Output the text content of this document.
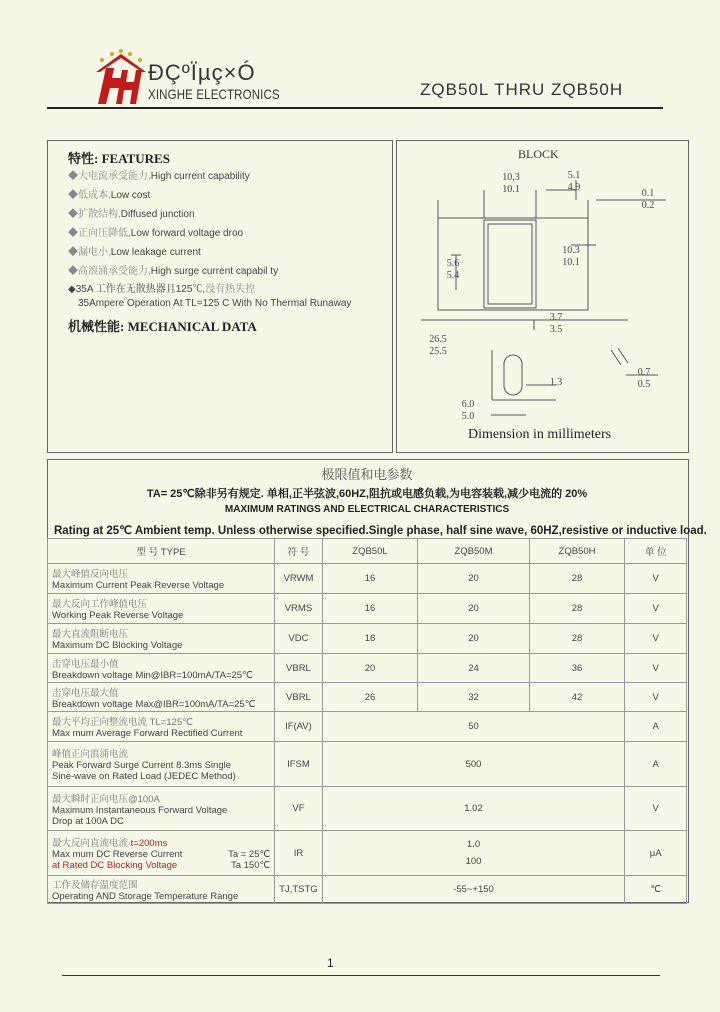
ĐÇºÏµç×Ó
XINGHE ELECTRONICS	ZQB50L THRU ZQB50H
特性: FEATURES
◆大电流承受能力,High current capability
◆低成本,Low cost
◆扩散结构,Diffused junction
◆正向压降低,Low forward voltage droo
◆漏电小,Low leakage current
◆高浪涌承受能力,High surge current capabil ty
◆35A 工作在无散热器且125℃,没有热失控
35Ampere Operation At TL=125 C With No Thermal Runaway
机械性能: MECHANICAL DATA
BLOCK
10.3
10.1
5.1
4.9
0.1
0.2
5.6
5.4
10.3
10.1
3.7
3.5
26.5
25.5
0.7
0.5
1.3
6.0
5.0
Dimension in millimeters
极限值和电参数
TA= 25℃除非另有规定. 单相,正半弦波,60HZ,阻抗或电感负载,为电容装载,减少电流的 20%
MAXIMUM RATINGS AND ELECTRICAL CHARACTERISTICS
Rating at 25℃ Ambient temp. Unless otherwise specified.Single phase, half sine wave, 60HZ,resistive or inductive load.
型 号 TYPE	符 号	ZQB50L	ZQB50M	ZQB50H	单 位

最大峰值反向电压
Maximum Current Peak Reverse Voltage	VRWM	16	20	28	V

最大反向工作峰值电压
Working Peak Reverse Voltage	VRMS	16	20	28	V

最大直流阻断电压
Maximum DC Blocking Voltage	VDC	16	20	28	V

击穿电压最小值
Breakdown voltage Min@IBR=100mA/TA=25℃	VBRL	20	24	36	V

击穿电压最大值
Breakdown voltage Max@IBR=100mA/TA=25℃	VBRL	26	32	42	V

最大平均正向整流电流 TL=125℃
Max mum Average Forward Rectified Current	IF(AV)	50			A

峰值正向浪涌电流
Peak Forward Surge Current 8.3ms Single
Sine-wave on Rated Load (JEDEC Method)	IFSM	500			A

最大瞬时正向电压@100A
Maximum Instantaneous Forward Voltage
Drop at 100A DC	VF	1.02			V

最大反向直流电流 t=200ms
Max mum DC Reverse Current Ta = 25℃
at Rated DC Blocking Voltage Ta 150℃	IR	1.0
100			μA

工作及储存温度范围
Operating AND Storage Temperature Range	TJ,TSTG	-55~+150			℃
1
